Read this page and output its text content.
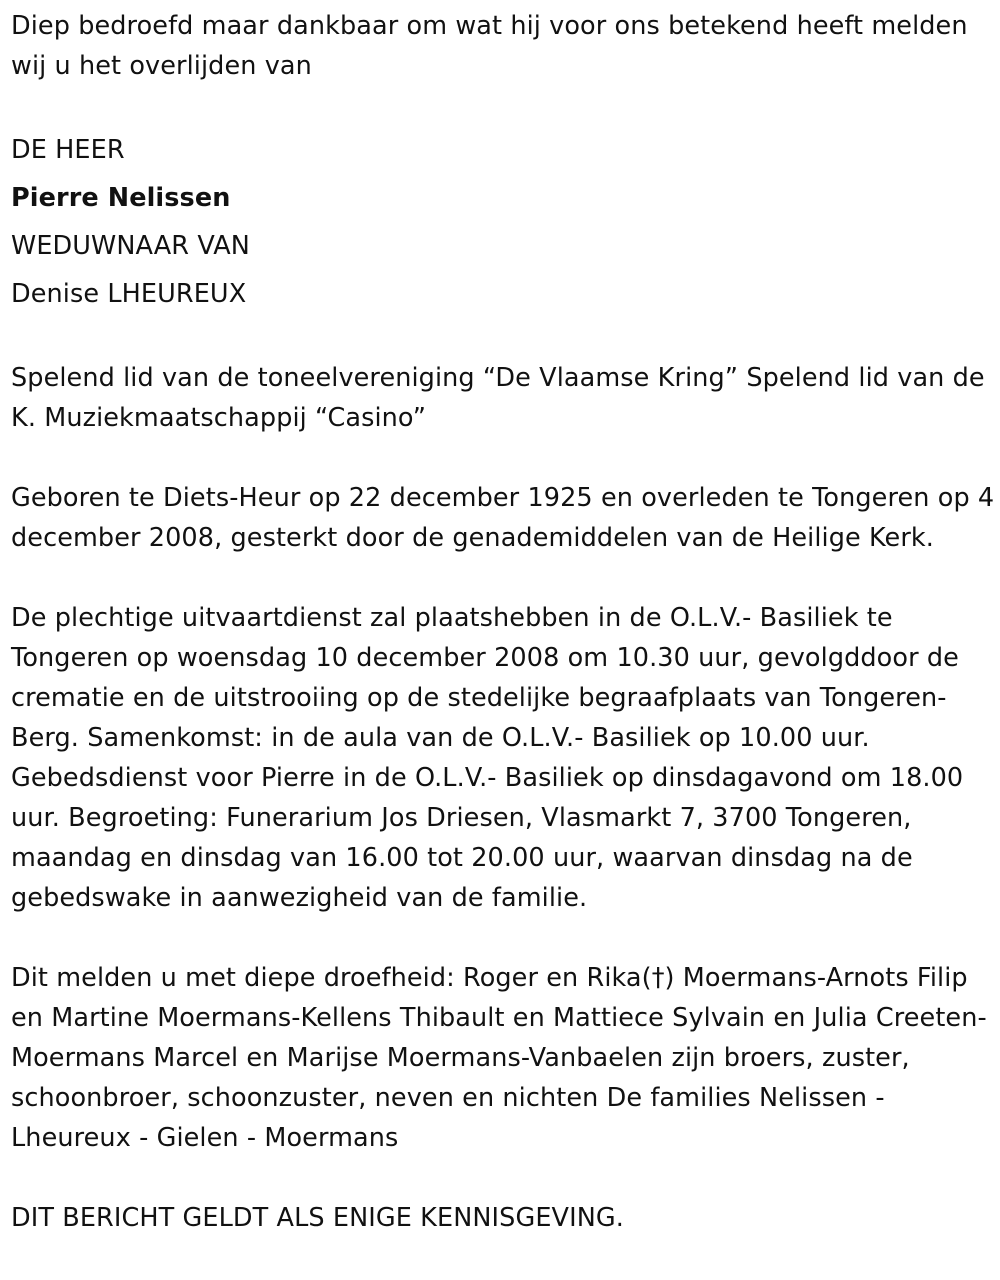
Diep bedroefd maar dankbaar om wat hij voor ons betekend heeft melden wij u het overlijden van

DE HEER

Pierre Nelissen

WEDUWNAAR VAN

Denise LHEUREUX

Spelend lid van de toneelvereniging “De Vlaamse Kring” Spelend lid van de K. Muziekmaatschappij “Casino”

Geboren te Diets-Heur op 22 december 1925 en overleden te Tongeren op 4 december 2008, gesterkt door de genademiddelen van de Heilige Kerk.

De plechtige uitvaartdienst zal plaatshebben in de O.L.V.- Basiliek te Tongeren op woensdag 10 december 2008 om 10.30 uur, gevolgddoor de crematie en de uitstrooiing op de stedelijke begraafplaats van Tongeren-Berg. Samenkomst: in de aula van de O.L.V.- Basiliek op 10.00 uur. Gebedsdienst voor Pierre in de O.L.V.- Basiliek op dinsdagavond om 18.00 uur. Begroeting: Funerarium Jos Driesen, Vlasmarkt 7, 3700 Tongeren, maandag en dinsdag van 16.00 tot 20.00 uur, waarvan dinsdag na de gebedswake in aanwezigheid van de familie.

Dit melden u met diepe droefheid: Roger en Rika(†) Moermans-Arnots Filip en Martine Moermans-Kellens Thibault en Mattiece Sylvain en Julia Creeten-Moermans Marcel en Marijse Moermans-Vanbaelen zijn broers, zuster, schoonbroer, schoonzuster, neven en nichten De families Nelissen - Lheureux - Gielen - Moermans

DIT BERICHT GELDT ALS ENIGE KENNISGEVING.
